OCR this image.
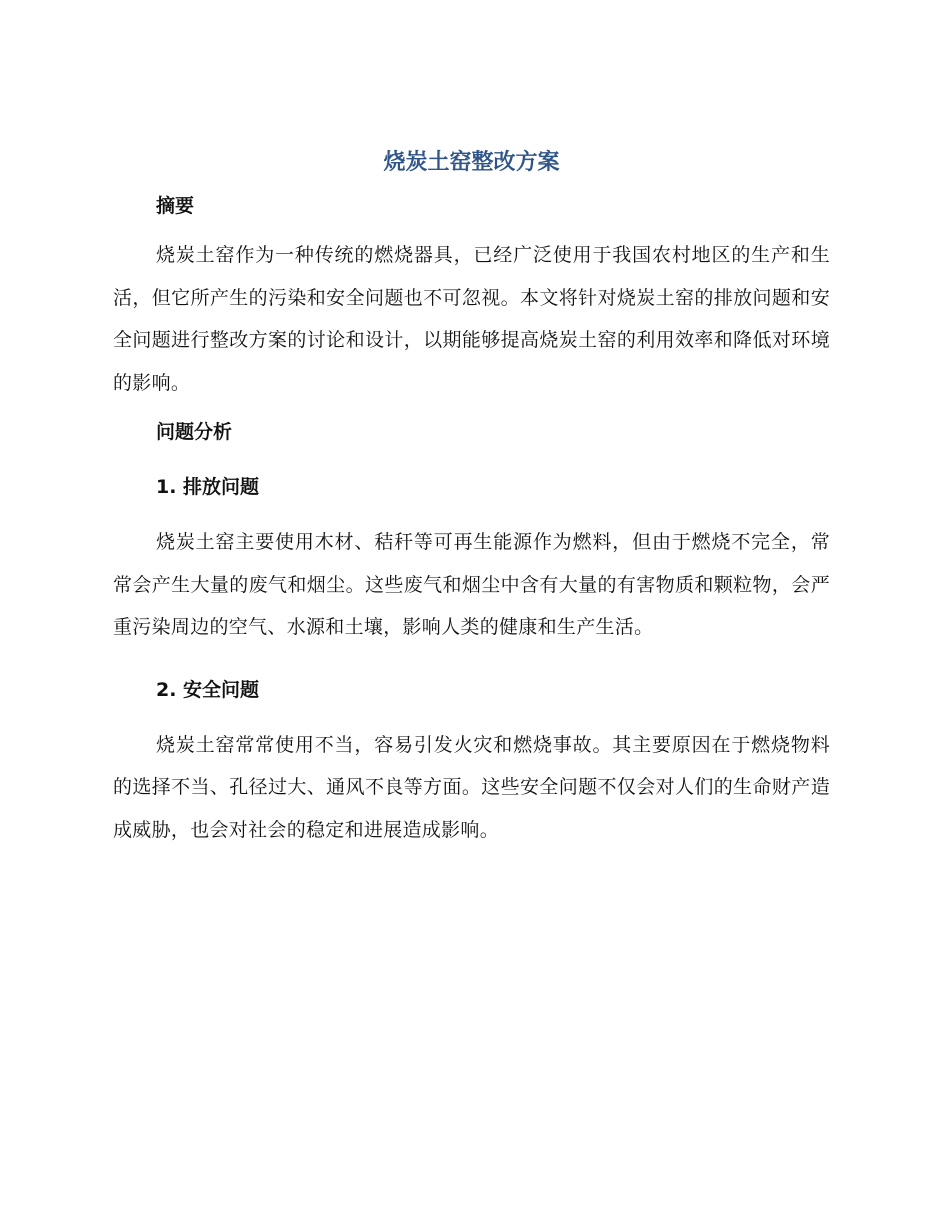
烧炭土窑整改方案
摘要

烧炭土窑作为一种传统的燃烧器具，已经广泛使用于我国农村地区的生产和生活，但它所产生的污染和安全问题也不可忽视。本文将针对烧炭土窑的排放问题和安全问题进行整改方案的讨论和设计，以期能够提高烧炭土窑的利用效率和降低对环境的影响。

问题分析
1. 排放问题

烧炭土窑主要使用木材、秸秆等可再生能源作为燃料，但由于燃烧不完全，常常会产生大量的废气和烟尘。这些废气和烟尘中含有大量的有害物质和颗粒物，会严重污染周边的空气、水源和土壤，影响人类的健康和生产生活。

2. 安全问题

烧炭土窑常常使用不当，容易引发火灾和燃烧事故。其主要原因在于燃烧物料的选择不当、孔径过大、通风不良等方面。这些安全问题不仅会对人们的生命财产造成威胁，也会对社会的稳定和进展造成影响。
